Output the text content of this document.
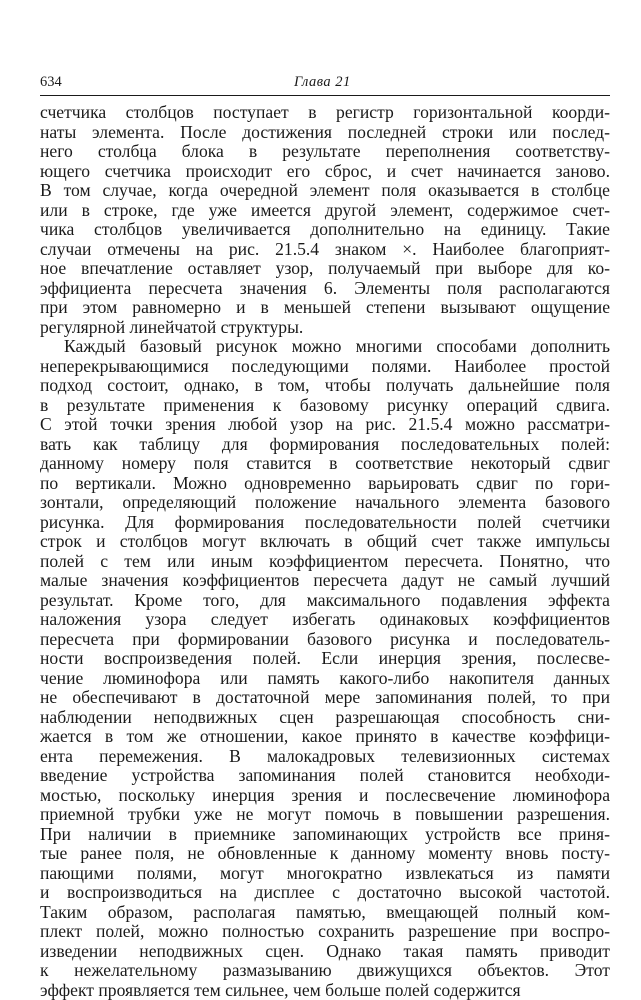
634	Глава 21
счетчика столбцов поступает в регистр горизонтальной коорди-
наты элемента. После достижения последней строки или послед-
него столбца блока в результате переполнения соответству-
ющего счетчика происходит его сброс, и счет начинается заново.
В том случае, когда очередной элемент поля оказывается в столбце
или в строке, где уже имеется другой элемент, содержимое счет-
чика столбцов увеличивается дополнительно на единицу. Такие
случаи отмечены на рис. 21.5.4 знаком ×. Наиболее благоприят-
ное впечатление оставляет узор, получаемый при выборе для ко-
эффициента пересчета значения 6. Элементы поля располагаются
при этом равномерно и в меньшей степени вызывают ощущение
регулярной линейчатой структуры.
Каждый базовый рисунок можно многими способами дополнить
неперекрывающимися последующими полями. Наиболее простой
подход состоит, однако, в том, чтобы получать дальнейшие поля
в результате применения к базовому рисунку операций сдвига.
С этой точки зрения любой узор на рис. 21.5.4 можно рассматри-
вать как таблицу для формирования последовательных полей:
данному номеру поля ставится в соответствие некоторый сдвиг
по вертикали. Можно одновременно варьировать сдвиг по гори-
зонтали, определяющий положение начального элемента базового
рисунка. Для формирования последовательности полей счетчики
строк и столбцов могут включать в общий счет также импульсы
полей с тем или иным коэффициентом пересчета. Понятно, что
малые значения коэффициентов пересчета дадут не самый лучший
результат. Кроме того, для максимального подавления эффекта
наложения узора следует избегать одинаковых коэффициентов
пересчета при формировании базового рисунка и последователь-
ности воспроизведения полей. Если инерция зрения, послесве-
чение люминофора или память какого-либо накопителя данных
не обеспечивают в достаточной мере запоминания полей, то при
наблюдении неподвижных сцен разрешающая способность сни-
жается в том же отношении, какое принято в качестве коэффици-
ента перемежения. В малокадровых телевизионных системах
введение устройства запоминания полей становится необходи-
мостью, поскольку инерция зрения и послесвечение люминофора
приемной трубки уже не могут помочь в повышении разрешения.
При наличии в приемнике запоминающих устройств все приня-
тые ранее поля, не обновленные к данному моменту вновь посту-
пающими полями, могут многократно извлекаться из памяти
и воспроизводиться на дисплее с достаточно высокой частотой.
Таким образом, располагая памятью, вмещающей полный ком-
плект полей, можно полностью сохранить разрешение при воспро-
изведении неподвижных сцен. Однако такая память приводит
к нежелательному размазыванию движущихся объектов. Этот
эффект проявляется тем сильнее, чем больше полей содержится
